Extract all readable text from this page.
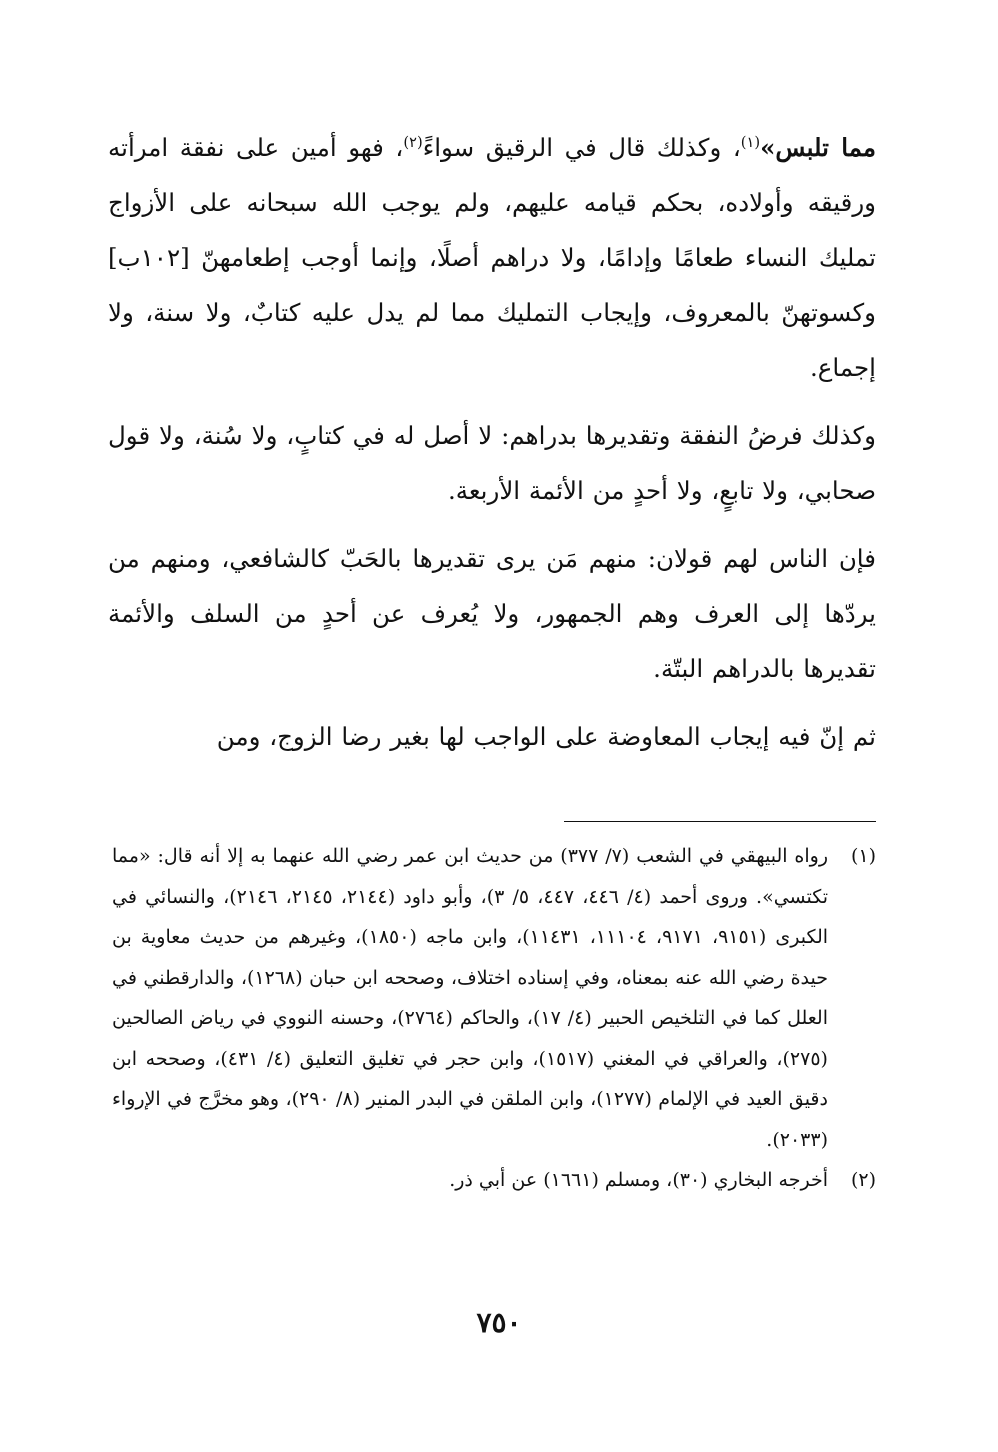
مما تلبس»$^{(١)}$، وكذلك قال في الرقيق سواءً$^{(٢)}$، فهو أمين على نفقة امرأته ورقيقه وأولاده، بحكم قيامه عليهم، ولم يوجب الله سبحانه على الأزواج تمليك النساء طعامًا وإدامًا، ولا دراهم أصلًا، وإنما أوجب إطعامهنّ [١٠٢ب] وكسوتهنّ بالمعروف، وإيجاب التمليك مما لم يدل عليه كتابٌ، ولا سنة، ولا إجماع.

وكذلك فرضُ النفقة وتقديرها بدراهم: لا أصل له في كتابٍ، ولا سُنة، ولا قول صحابي، ولا تابعٍ، ولا أحدٍ من الأئمة الأربعة.

فإن الناس لهم قولان: منهم مَن يرى تقديرها بالحَبّ كالشافعي، ومنهم من يردّها إلى العرف وهم الجمهور، ولا يُعرف عن أحدٍ من السلف والأئمة تقديرها بالدراهم البتّة.

ثم إنّ فيه إيجاب المعاوضة على الواجب لها بغير رضا الزوج، ومن

(١)
رواه البيهقي في الشعب (٧/ ٣٧٧) من حديث ابن عمر رضي الله عنهما به إلا أنه قال: «مما تكتسي». وروى أحمد (٤/ ٤٤٦، ٤٤٧، ٥/ ٣)، وأبو داود (٢١٤٤، ٢١٤٥، ٢١٤٦)، والنسائي في الكبرى (٩١٥١، ٩١٧١، ١١١٠٤، ١١٤٣١)، وابن ماجه (١٨٥٠)، وغيرهم من حديث معاوية بن حيدة رضي الله عنه بمعناه، وفي إسناده اختلاف، وصححه ابن حبان (١٢٦٨)، والدارقطني في العلل كما في التلخيص الحبير (٤/ ١٧)، والحاكم (٢٧٦٤)، وحسنه النووي في رياض الصالحين (٢٧٥)، والعراقي في المغني (١٥١٧)، وابن حجر في تغليق التعليق (٤/ ٤٣١)، وصححه ابن دقيق العيد في الإلمام (١٢٧٧)، وابن الملقن في البدر المنير (٨/ ٢٩٠)، وهو مخرَّج في الإرواء (٢٠٣٣).
(٢)
أخرجه البخاري (٣٠)، ومسلم (١٦٦١) عن أبي ذر.
٧٥٠
